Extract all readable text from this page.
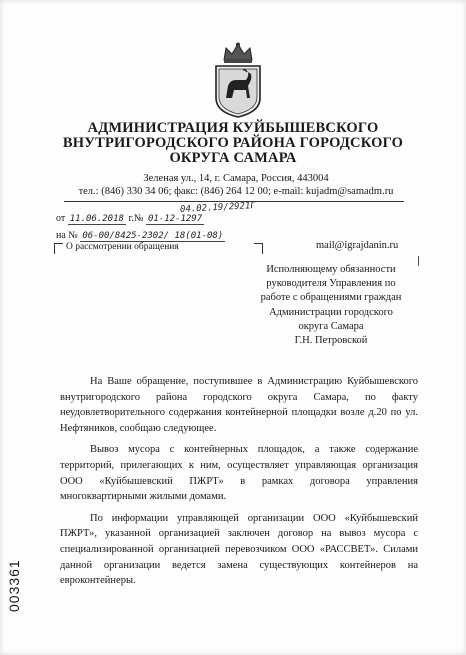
АДМИНИСТРАЦИЯ КУЙБЫШЕВСКОГО
ВНУТРИГОРОДСКОГО РАЙОНА ГОРОДСКОГО
ОКРУГА САМАРА
Зеленая ул., 14, г. Самара, Россия, 443004
тел.: (846) 330 34 06; факс: (846) 264 12 00; e-mail: kujadm@samadm.ru
04.02.19/2921Г
от 11.06.2018 г.№ 01-12-1297
на № 06-00/8425-2302/ 18(01-08)
О рассмотрении обращения	mail@igrajdanin.ru
Исполняющему обязанности
руководителя Управления по
работе с обращениями граждан
Администрации городского
округа Самара
Г.Н. Петровской

На Ваше обращение, поступившее в Администрацию Куйбышевского внутригородского района городского округа Самара, по факту неудовлетворительного содержания контейнерной площадки возле д.20 по ул. Нефтяников, сообщаю следующее.

Вывоз мусора с контейнерных площадок, а также содержание территорий, прилегающих к ним, осуществляет управляющая организация ООО «Куйбышевский ПЖРТ» в рамках договора управления многоквартирными жилыми домами.

По информации управляющей организации ООО «Куйбышевский ПЖРТ», указанной организацией заключен договор на вывоз мусора с специализированной организацией перевозчиком ООО «РАССВЕТ». Силами данной организации ведется замена существующих контейнеров на евроконтейнеры.

003361
